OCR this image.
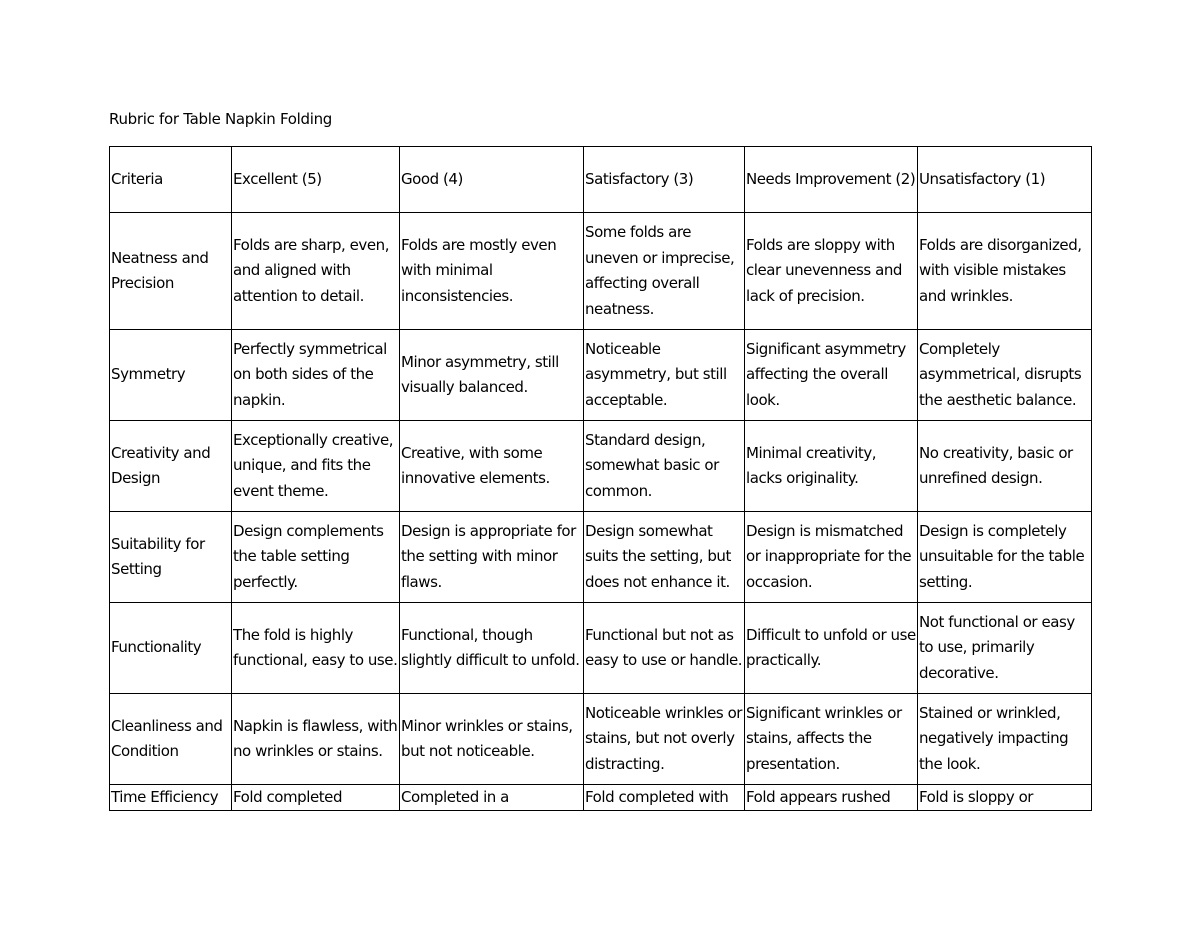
Rubric for Table Napkin Folding
Criteria	Excellent (5)	Good (4)	Satisfactory (3)	Needs Improvement (2)	Unsatisfactory (1)

Neatness and Precision	Folds are sharp, even, and aligned with attention to detail.	Folds are mostly even with minimal inconsistencies.	Some folds are uneven or imprecise, affecting overall neatness.	Folds are sloppy with clear unevenness and lack of precision.	Folds are disorganized, with visible mistakes and wrinkles.

Symmetry	Perfectly symmetrical on both sides of the napkin.	Minor asymmetry, still visually balanced.	Noticeable asymmetry, but still acceptable.	Significant asymmetry affecting the overall look.	Completely asymmetrical, disrupts the aesthetic balance.

Creativity and Design	Exceptionally creative, unique, and fits the event theme.	Creative, with some innovative elements.	Standard design, somewhat basic or common.	Minimal creativity, lacks originality.	No creativity, basic or unrefined design.

Suitability for Setting	Design complements the table setting perfectly.	Design is appropriate for the setting with minor flaws.	Design somewhat suits the setting, but does not enhance it.	Design is mismatched or inappropriate for the occasion.	Design is completely unsuitable for the table setting.

Functionality	The fold is highly functional, easy to use.	Functional, though slightly difficult to unfold.	Functional but not as easy to use or handle.	Difficult to unfold or use practically.	Not functional or easy to use, primarily decorative.

Cleanliness and Condition	Napkin is flawless, with no wrinkles or stains.	Minor wrinkles or stains, but not noticeable.	Noticeable wrinkles or stains, but not overly distracting.	Significant wrinkles or stains, affects the presentation.	Stained or wrinkled, negatively impacting the look.

Time Efficiency	Fold completed	Completed in a	Fold completed with	Fold appears rushed	Fold is sloppy or
